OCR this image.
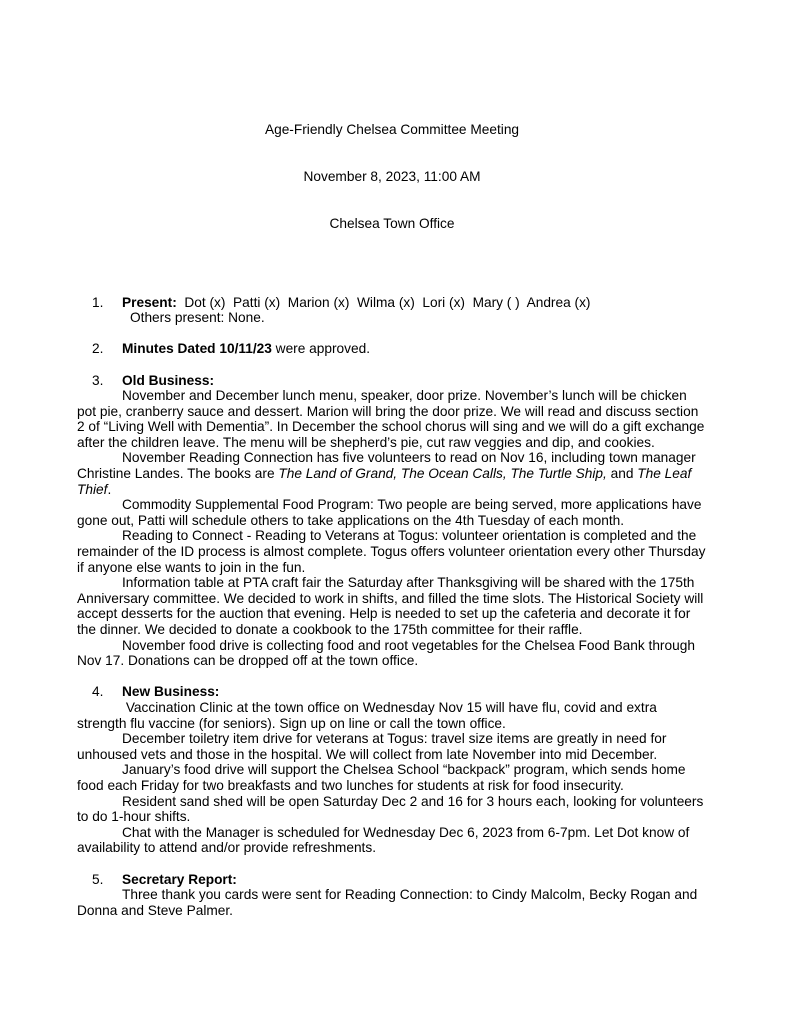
Age-Friendly Chelsea Committee Meeting

November 8, 2023, 11:00 AM

Chelsea Town Office

1. Present:  Dot (x)  Patti (x)  Marion (x)  Wilma (x)  Lori (x)  Mary ( )  Andrea (x)
Others present: None.
2. Minutes Dated 10/11/23 were approved.
3. Old Business:
November and December lunch menu, speaker, door prize. November’s lunch will be chicken pot pie, cranberry sauce and dessert. Marion will bring the door prize. We will read and discuss section 2 of “Living Well with Dementia”. In December the school chorus will sing and we will do a gift exchange after the children leave. The menu will be shepherd’s pie, cut raw veggies and dip, and cookies.
November Reading Connection has five volunteers to read on Nov 16, including town manager Christine Landes. The books are The Land of Grand, The Ocean Calls, The Turtle Ship, and The Leaf Thief.
Commodity Supplemental Food Program: Two people are being served, more applications have gone out, Patti will schedule others to take applications on the 4th Tuesday of each month.
Reading to Connect - Reading to Veterans at Togus: volunteer orientation is completed and the remainder of the ID process is almost complete. Togus offers volunteer orientation every other Thursday if anyone else wants to join in the fun.
Information table at PTA craft fair the Saturday after Thanksgiving will be shared with the 175th Anniversary committee. We decided to work in shifts, and filled the time slots. The Historical Society will accept desserts for the auction that evening. Help is needed to set up the cafeteria and decorate it for the dinner. We decided to donate a cookbook to the 175th committee for their raffle.
November food drive is collecting food and root vegetables for the Chelsea Food Bank through Nov 17. Donations can be dropped off at the town office.
4. New Business:
Vaccination Clinic at the town office on Wednesday Nov 15 will have flu, covid and extra strength flu vaccine (for seniors). Sign up on line or call the town office.
December toiletry item drive for veterans at Togus: travel size items are greatly in need for unhoused vets and those in the hospital. We will collect from late November into mid December.
January’s food drive will support the Chelsea School “backpack” program, which sends home food each Friday for two breakfasts and two lunches for students at risk for food insecurity.
Resident sand shed will be open Saturday Dec 2 and 16 for 3 hours each, looking for volunteers to do 1-hour shifts.
Chat with the Manager is scheduled for Wednesday Dec 6, 2023 from 6-7pm. Let Dot know of availability to attend and/or provide refreshments.
5. Secretary Report:
Three thank you cards were sent for Reading Connection: to Cindy Malcolm, Becky Rogan and Donna and Steve Palmer.
